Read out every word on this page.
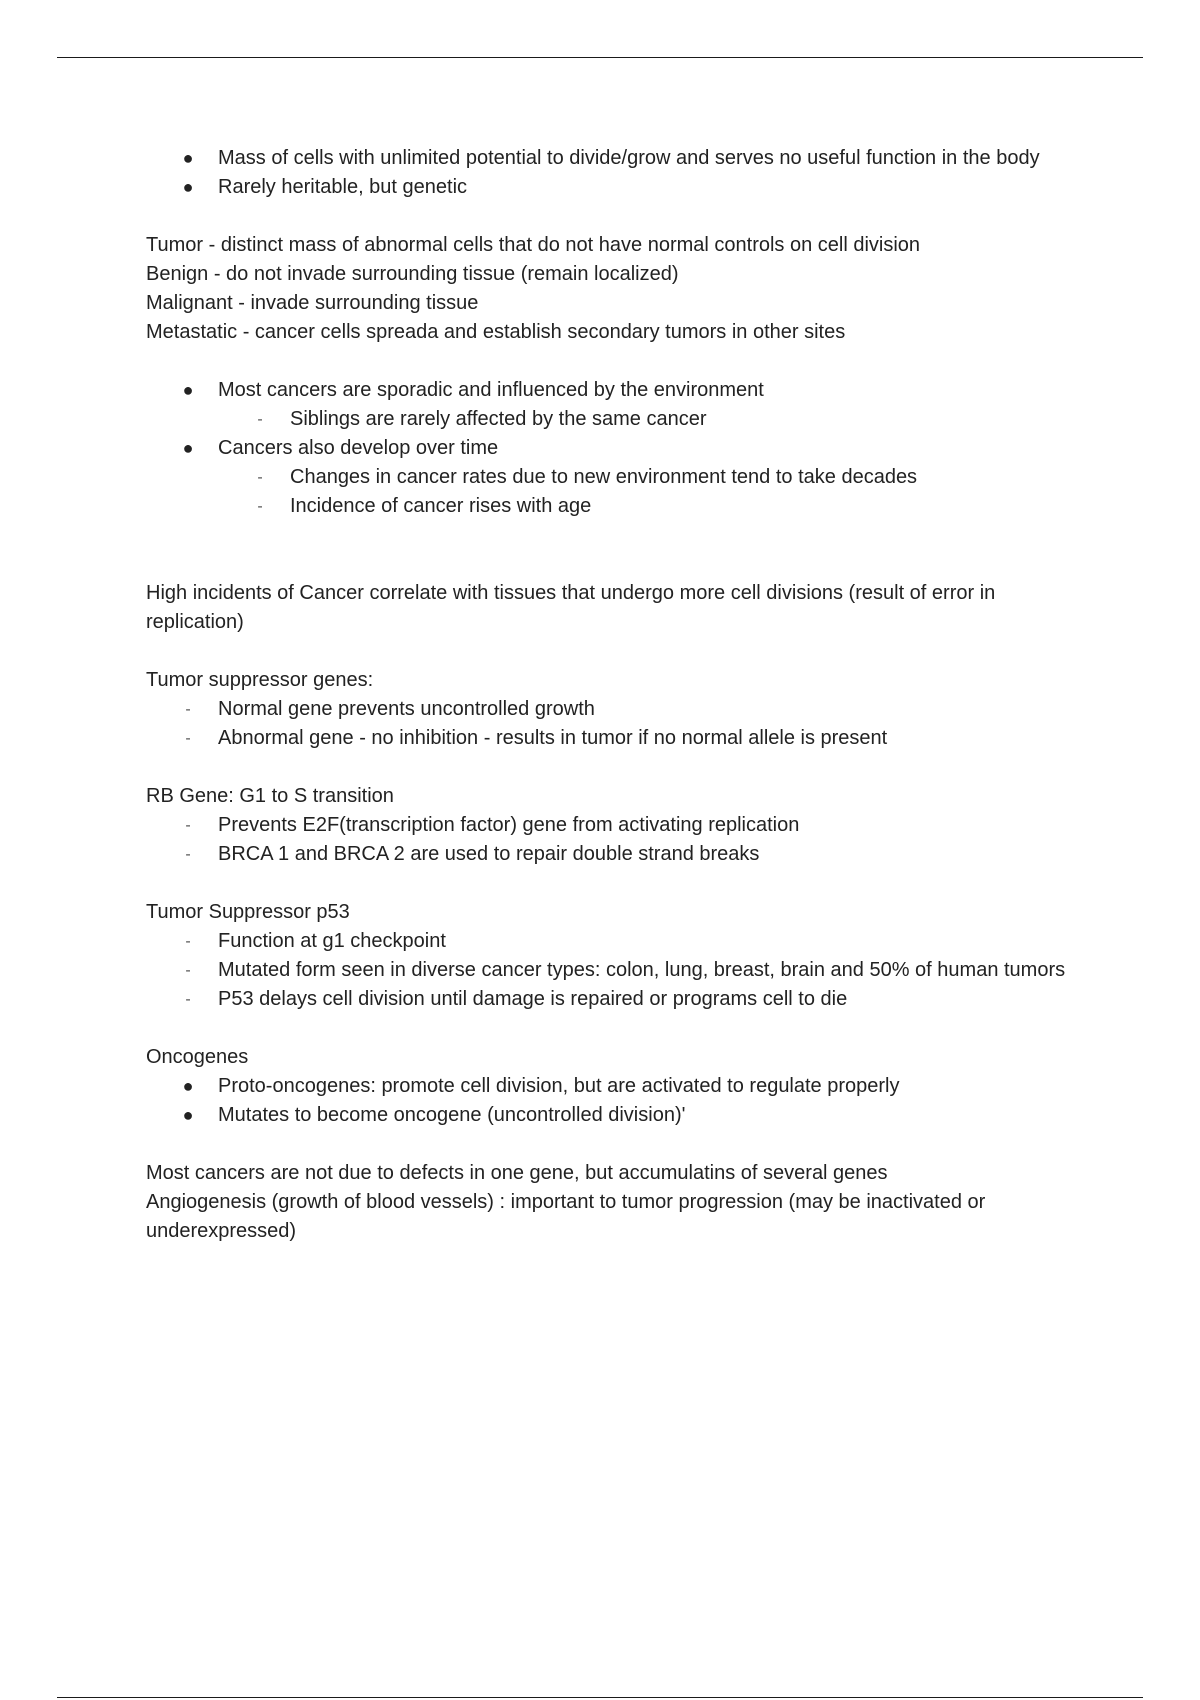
● Mass of cells with unlimited potential to divide/grow and serves no useful function in the body
● Rarely heritable, but genetic

Tumor - distinct mass of abnormal cells that do not have normal controls on cell division

Benign - do not invade surrounding tissue (remain localized)

Malignant - invade surrounding tissue

Metastatic - cancer cells spreada and establish secondary tumors in other sites

● Most cancers are sporadic and influenced by the environment
-	Siblings are rarely affected by the same cancer
● Cancers also develop over time
-	Changes in cancer rates due to new environment tend to take decades
-	Incidence of cancer rises with age

High incidents of Cancer correlate with tissues that undergo more cell divisions (result of error in replication)

Tumor suppressor genes:

-	Normal gene prevents uncontrolled growth
-	Abnormal gene - no inhibition - results in tumor if no normal allele is present

RB Gene: G1 to S transition

-	Prevents E2F(transcription factor) gene from activating replication
-	BRCA 1 and BRCA 2 are used to repair double strand breaks

Tumor Suppressor p53

-	Function at g1 checkpoint
-	Mutated form seen in diverse cancer types: colon, lung, breast, brain and 50% of human tumors
-	P53 delays cell division until damage is repaired or programs cell to die

Oncogenes

● Proto-oncogenes: promote cell division, but are activated to regulate properly
● Mutates to become oncogene (uncontrolled division)'

Most cancers are not due to defects in one gene, but accumulatins of several genes

Angiogenesis (growth of blood vessels) : important to tumor progression (may be inactivated or underexpressed)
